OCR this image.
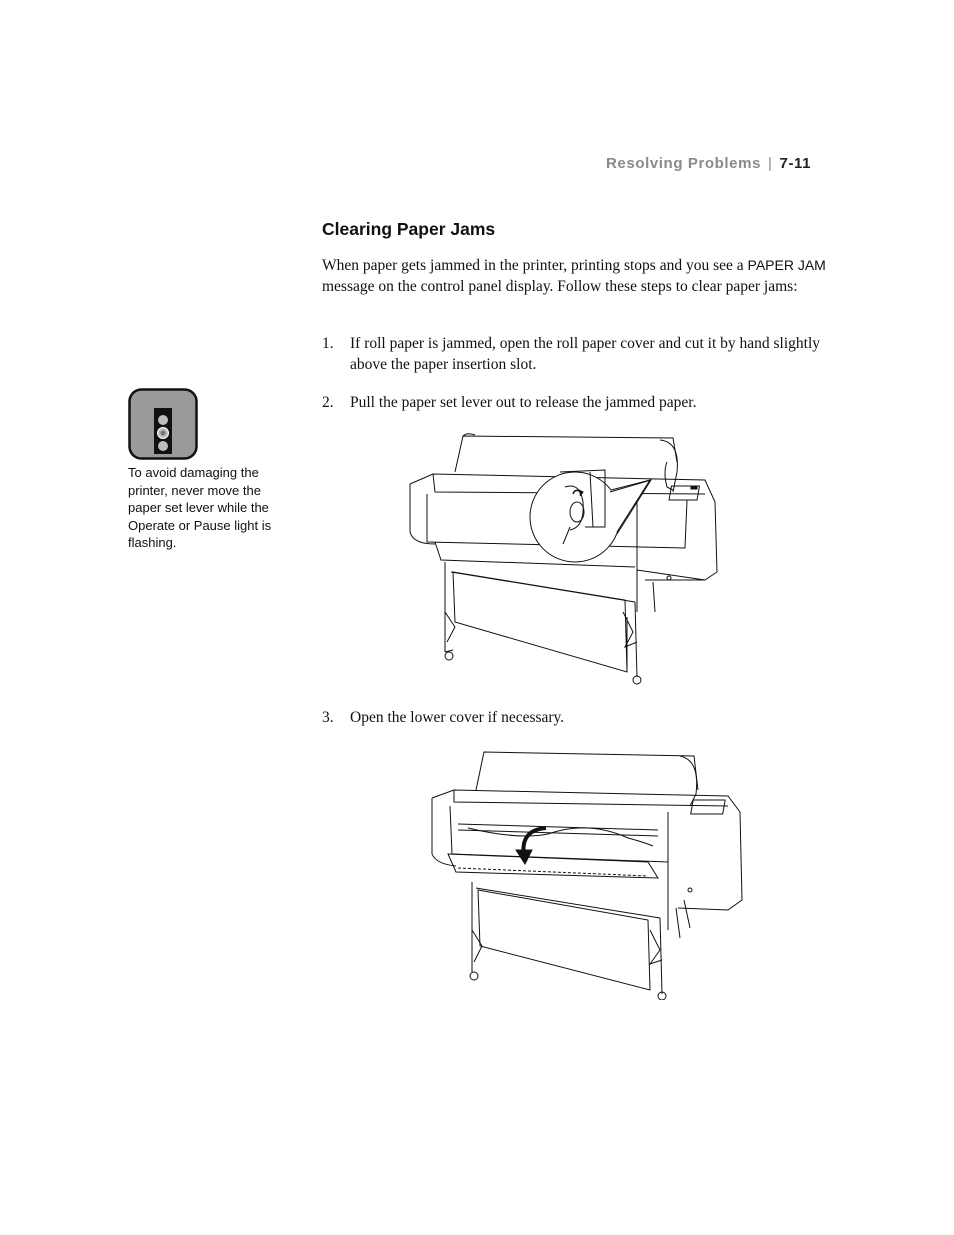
Resolving Problems | 7-11
Clearing Paper Jams

When paper gets jammed in the printer, printing stops and you see a PAPER JAM message on the control panel display. Follow these steps to clear paper jams:

1.	If roll paper is jammed, open the roll paper cover and cut it by hand slightly above the paper insertion slot.

2.	Pull the paper set lever out to release the jammed paper.

3.	Open the lower cover if necessary.

To avoid damaging the printer, never move the paper set lever while the Operate or Pause light is flashing.
